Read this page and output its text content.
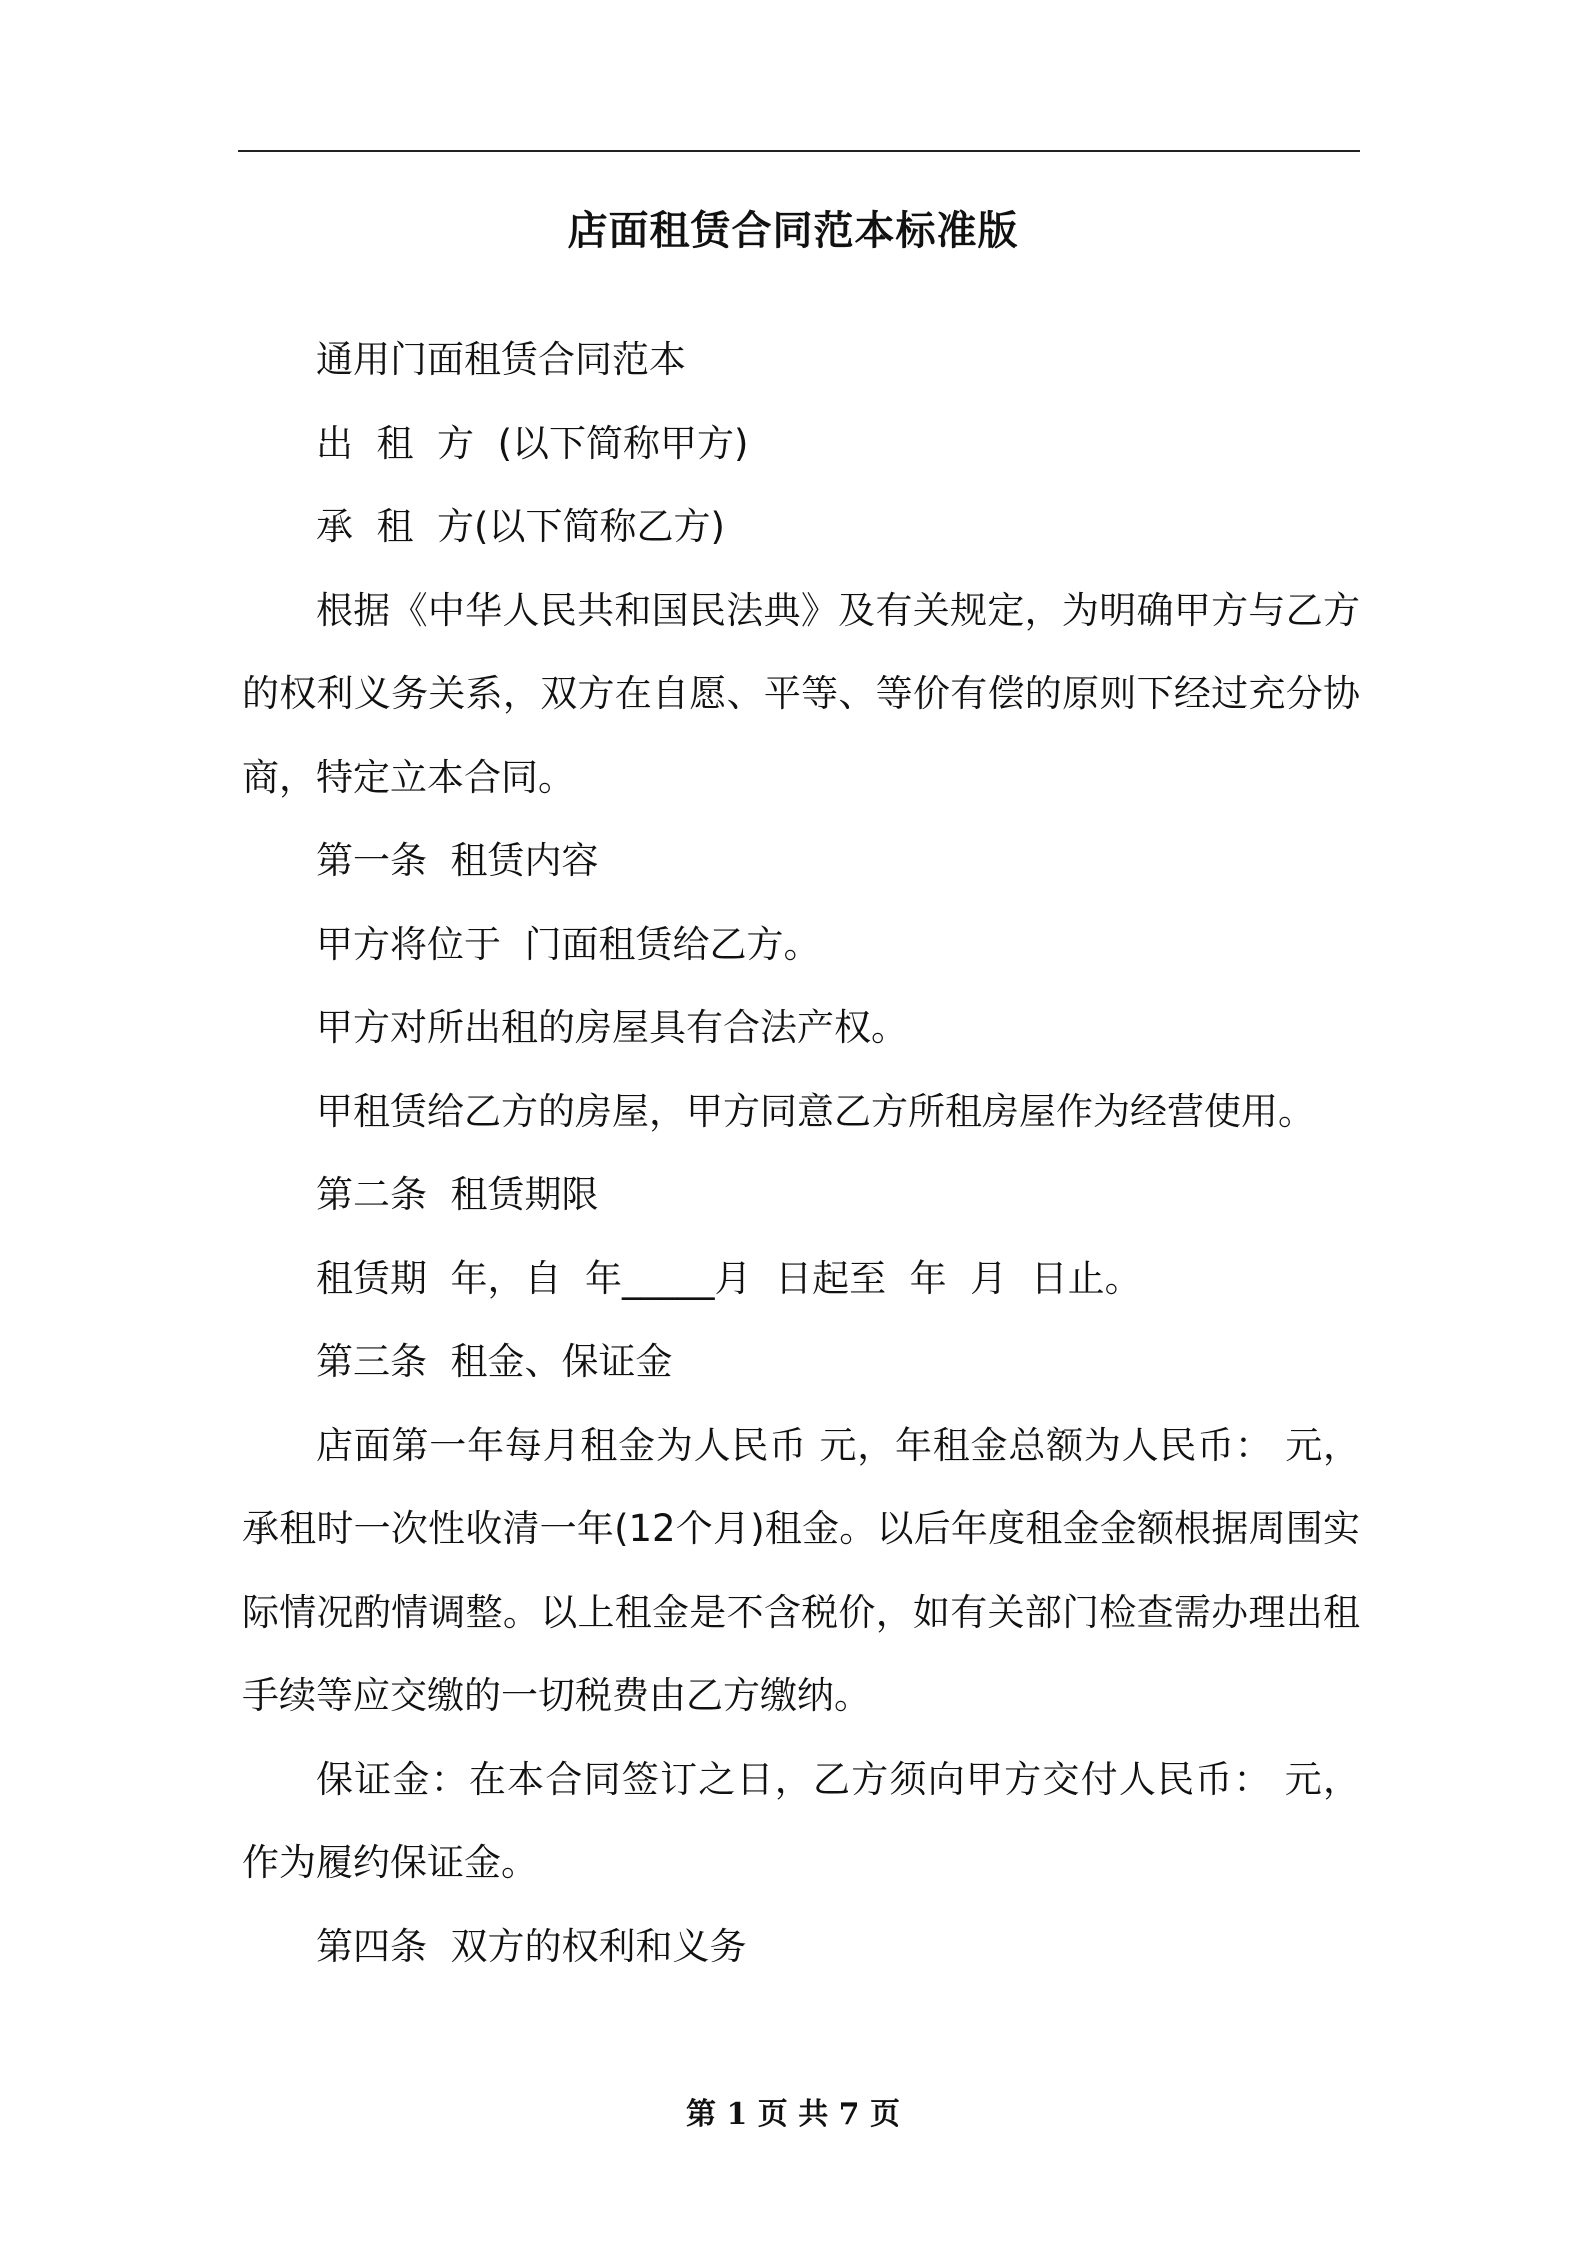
店面租赁合同范本标准版

通用门面租赁合同范本

出  租  方  (以下简称甲方)

承  租  方(以下简称乙方)

根据《中华人民共和国民法典》及有关规定，为明确甲方与乙方的权利义务关系，双方在自愿、平等、等价有偿的原则下经过充分协商，特定立本合同。

第一条  租赁内容

甲方将位于  门面租赁给乙方。

甲方对所出租的房屋具有合法产权。

甲租赁给乙方的房屋，甲方同意乙方所租房屋作为经营使用。

第二条  租赁期限

租赁期  年，自  年_____月  日起至  年  月  日止。

第三条  租金、保证金

店面第一年每月租金为人民币 元，年租金总额为人民币： 元，承租时一次性收清一年(12个月)租金。以后年度租金金额根据周围实际情况酌情调整。以上租金是不含税价，如有关部门检查需办理出租手续等应交缴的一切税费由乙方缴纳。

保证金：在本合同签订之日，乙方须向甲方交付人民币： 元，作为履约保证金。

第四条  双方的权利和义务

第 1 页 共 7 页
